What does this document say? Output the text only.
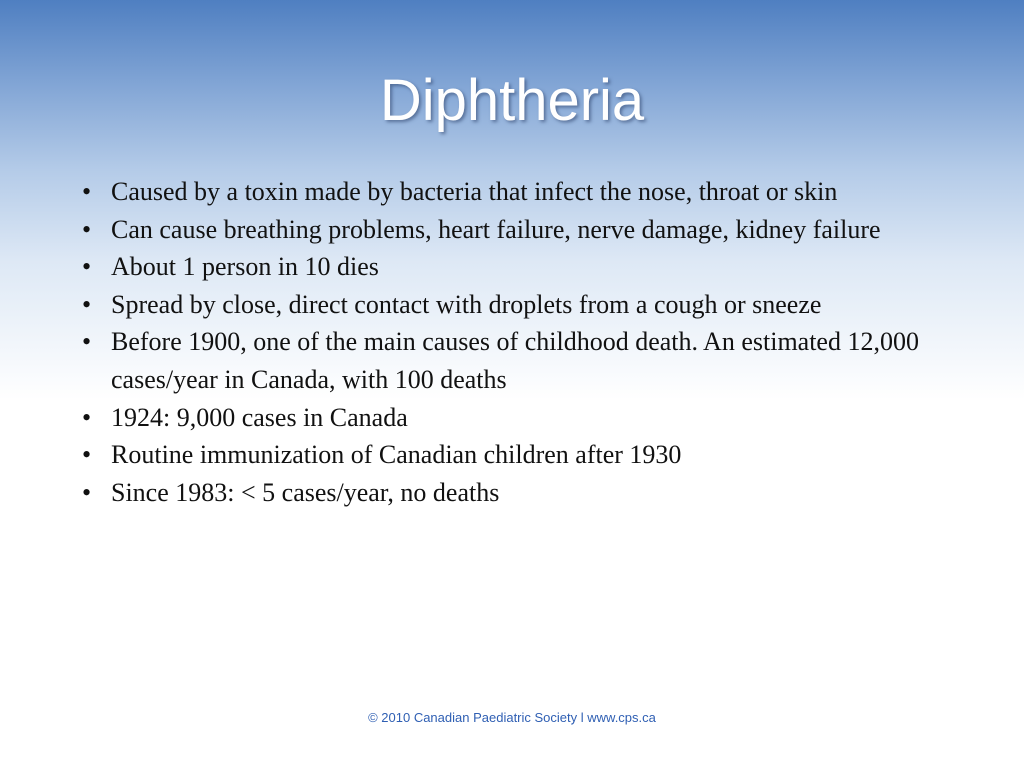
Diphtheria
• Caused by a toxin made by bacteria that infect the nose, throat or skin
• Can cause breathing problems, heart failure, nerve damage, kidney failure
• About 1 person in 10 dies
• Spread by close, direct contact with droplets from a cough or sneeze
• Before 1900, one of the main causes of childhood death. An estimated 12,000 cases/year in Canada, with 100 deaths
• 1924: 9,000 cases in Canada
• Routine immunization of Canadian children after 1930
• Since 1983: < 5 cases/year, no deaths
© 2010 Canadian Paediatric Society l www.cps.ca
